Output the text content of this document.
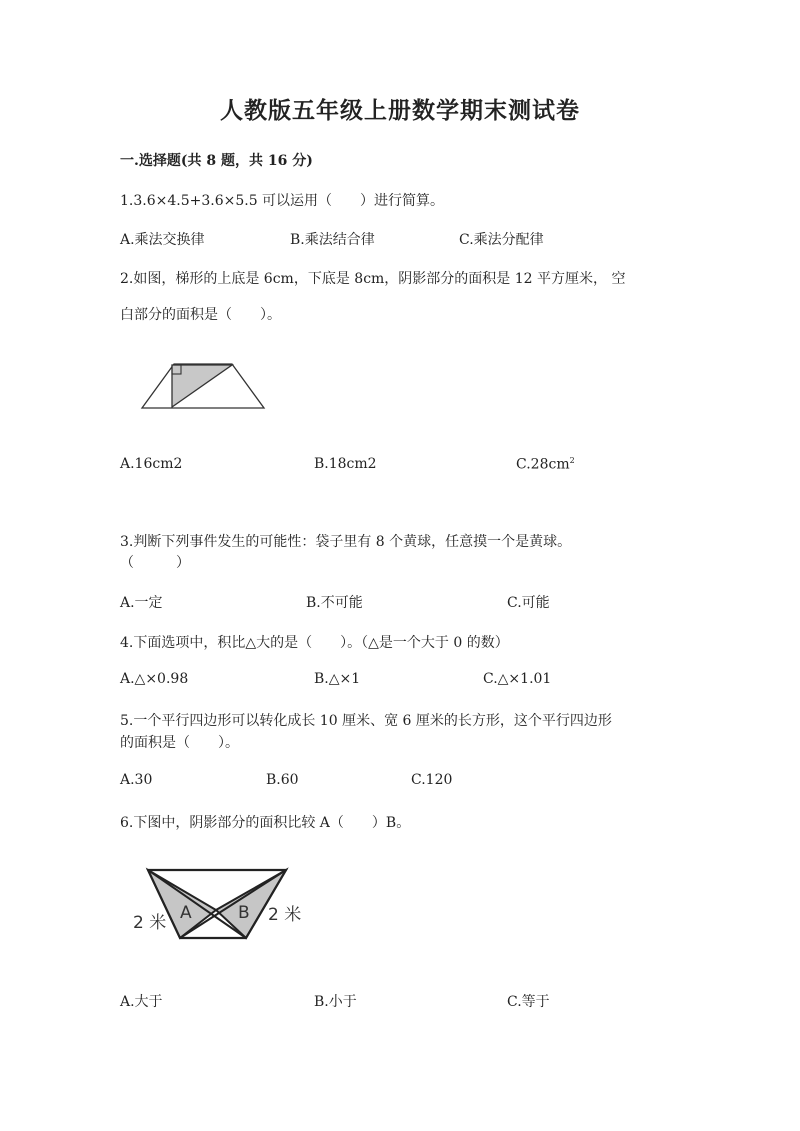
人教版五年级上册数学期末测试卷
一.选择题(共 8 题，共 16 分)
1.3.6×4.5+3.6×5.5 可以运用（　　）进行简算。
A.乘法交换律	B.乘法结合律	C.乘法分配律
2.如图，梯形的上底是 6cm，下底是 8cm，阴影部分的面积是 12 平方厘米， 空
白部分的面积是（　　）。
A.16cm2	B.18cm2	$C.28cm^2$
3.判断下列事件发生的可能性：袋子里有 8 个黄球，任意摸一个是黄球。
（　　　）
A.一定	B.不可能	C.可能
4.下面选项中，积比△大的是（　　）。（△是一个大于 0 的数）
A.△×0.98	B.△×1	C.△×1.01
5.一个平行四边形可以转化成长 10 厘米、宽 6 厘米的长方形，这个平行四边形
的面积是（　　）。
A.30	B.60	C.120
6.下图中，阴影部分的面积比较 A（　　）B。
2 米 A	B 2 米
A.大于	B.小于	C.等于
